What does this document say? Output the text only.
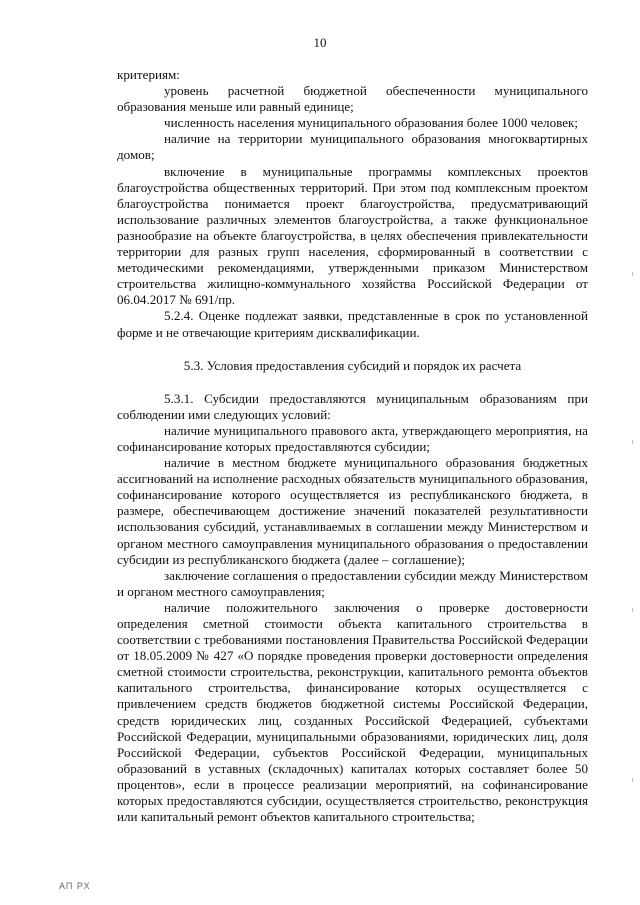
10

критериям:

уровень расчетной бюджетной обеспеченности муниципального образования меньше или равный единице;

численность населения муниципального образования более 1000 человек;

наличие на территории муниципального образования многоквартирных домов;

включение в муниципальные программы комплексных проектов благоустройства общественных территорий. При этом под комплексным проектом благоустройства понимается проект благоустройства, предусматривающий использование различных элементов благоустройства, а также функциональное разнообразие на объекте благоустройства, в целях обеспечения привлекательности территории для разных групп населения, сформированный в соответствии с методическими рекомендациями, утвержденными приказом Министерством строительства жилищно-коммунального хозяйства Российской Федерации от 06.04.2017 № 691/пр.

5.2.4. Оценке подлежат заявки, представленные в срок по установленной форме и не отвечающие критериям дисквалификации.

5.3. Условия предоставления субсидий и порядок их расчета

5.3.1. Субсидии предоставляются муниципальным образованиям при соблюдении ими следующих условий:

наличие муниципального правового акта, утверждающего мероприятия, на софинансирование которых предоставляются субсидии;

наличие в местном бюджете муниципального образования бюджетных ассигнований на исполнение расходных обязательств муниципального образования, софинансирование которого осуществляется из республиканского бюджета, в размере, обеспечивающем достижение значений показателей результативности использования субсидий, устанавливаемых в соглашении между Министерством и органом местного самоуправления муниципального образования о предоставлении субсидии из республиканского бюджета (далее – соглашение);

заключение соглашения о предоставлении субсидии между Министерством и органом местного самоуправления;

наличие положительного заключения о проверке достоверности определения сметной стоимости объекта капитального строительства в соответствии с требованиями постановления Правительства Российской Федерации от 18.05.2009 № 427 «О порядке проведения проверки достоверности определения сметной стоимости строительства, реконструкции, капитального ремонта объектов капитального строительства, финансирование которых осуществляется с привлечением средств бюджетов бюджетной системы Российской Федерации, средств юридических лиц, созданных Российской Федерацией, субъектами Российской Федерации, муниципальными образованиями, юридических лиц, доля Российской Федерации, субъектов Российской Федерации, муниципальных образований в уставных (складочных) капиталах которых составляет более 50 процентов», если в процессе реализации мероприятий, на софинансирование которых предоставляются субсидии, осуществляется строительство, реконструкция или капитальный ремонт объектов капитального строительства;

АП РХ
